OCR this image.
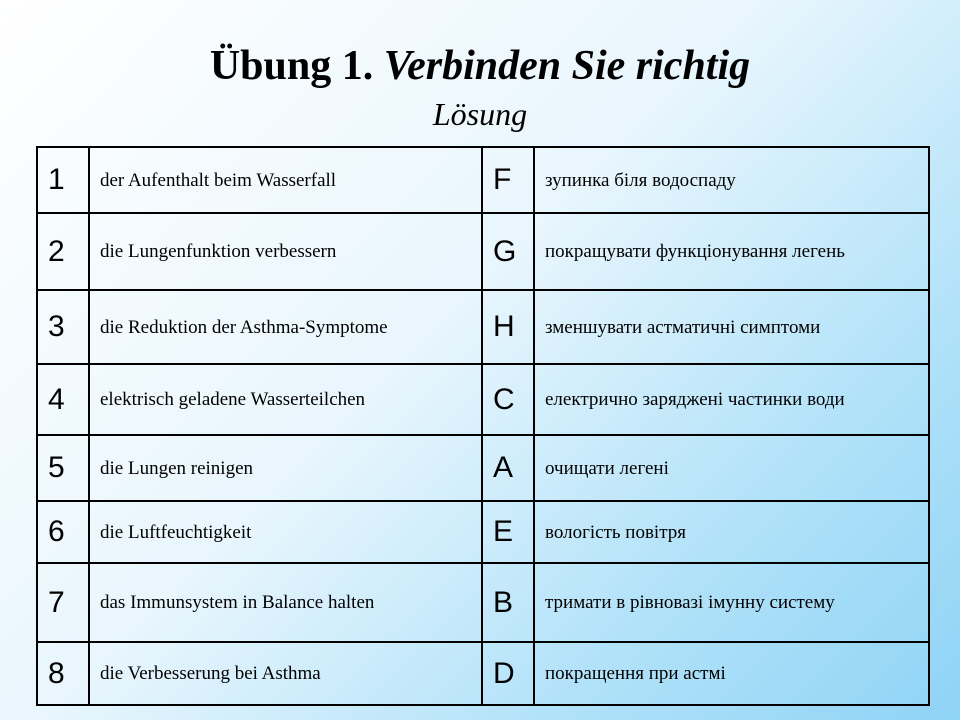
Übung 1. Verbinden Sie richtig
Lösung
1	der Aufenthalt beim Wasserfall	F	зупинка біля водоспаду
2	die Lungenfunktion verbessern	G	покращувати функціонування легень
3	die Reduktion der Asthma-Symptome	H	зменшувати астматичні симптоми
4	elektrisch geladene Wasserteilchen	C	електрично заряджені частинки води
5	die Lungen reinigen	A	очищати легені
6	die Luftfeuchtigkeit	E	вологість повітря
7	das Immunsystem in Balance halten	B	тримати в рівновазі імунну систему
8	die Verbesserung bei Asthma	D	покращення при астмі
